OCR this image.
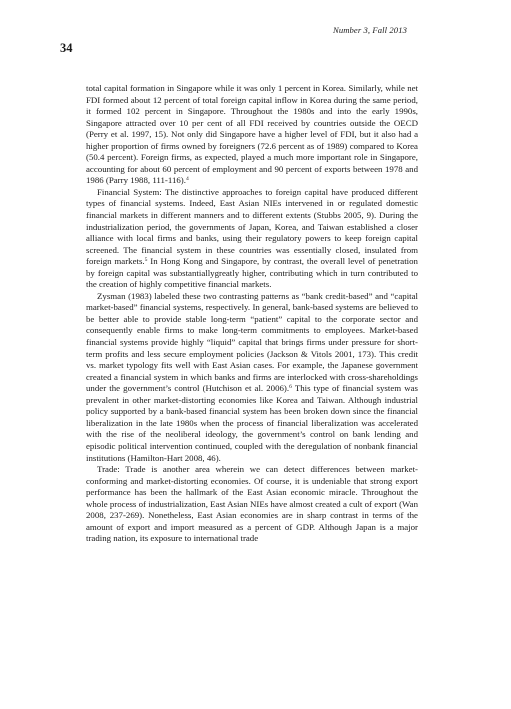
Number 3, Fall 2013
34

total capital formation in Singapore while it was only 1 percent in Korea. Similarly, while net FDI formed about 12 percent of total foreign capital inflow in Korea during the same period, it formed 102 percent in Singapore. Throughout the 1980s and into the early 1990s, Singapore attracted over 10 per cent of all FDI received by countries outside the OECD (Perry et al. 1997, 15). Not only did Singapore have a higher level of FDI, but it also had a higher proportion of firms owned by foreigners (72.6 percent as of 1989) compared to Korea (50.4 percent). Foreign firms, as expected, played a much more important role in Singapore, accounting for about 60 percent of employment and 90 percent of exports between 1978 and 1986 (Parry 1988, 111-116).$^4$

Financial System: The distinctive approaches to foreign capital have produced different types of financial systems. Indeed, East Asian NIEs intervened in or regulated domestic financial markets in different manners and to different extents (Stubbs 2005, 9). During the industrialization period, the governments of Japan, Korea, and Taiwan established a closer alliance with local firms and banks, using their regulatory powers to keep foreign capital screened. The financial system in these countries was essentially closed, insulated from foreign markets.$^5$ In Hong Kong and Singapore, by contrast, the overall level of penetration by foreign capital was substantiallygreatly higher, contributing which in turn contributed to the creation of highly competitive financial markets.

Zysman (1983) labeled these two contrasting patterns as “bank credit-based” and “capital market-based” financial systems, respectively. In general, bank-based systems are believed to be better able to provide stable long-term “patient” capital to the corporate sector and consequently enable firms to make long-term commitments to employees. Market-based financial systems provide highly “liquid” capital that brings firms under pressure for short-term profits and less secure employment policies (Jackson & Vitols 2001, 173). This credit vs. market typology fits well with East Asian cases. For example, the Japanese government created a financial system in which banks and firms are interlocked with cross-shareholdings under the government’s control (Hutchison et al. 2006).$^6$ This type of financial system was prevalent in other market-distorting economies like Korea and Taiwan. Although industrial policy supported by a bank-based financial system has been broken down since the financial liberalization in the late 1980s when the process of financial liberalization was accelerated with the rise of the neoliberal ideology, the government’s control on bank lending and episodic political intervention continued, coupled with the deregulation of nonbank financial institutions (Hamilton-Hart 2008, 46).

Trade: Trade is another area wherein we can detect differences between market-conforming and market-distorting economies. Of course, it is undeniable that strong export performance has been the hallmark of the East Asian economic miracle. Throughout the whole process of industrialization, East Asian NIEs have almost created a cult of export (Wan 2008, 237-269). Nonetheless, East Asian economies are in sharp contrast in terms of the amount of export and import measured as a percent of GDP. Although Japan is a major trading nation, its exposure to international trade
